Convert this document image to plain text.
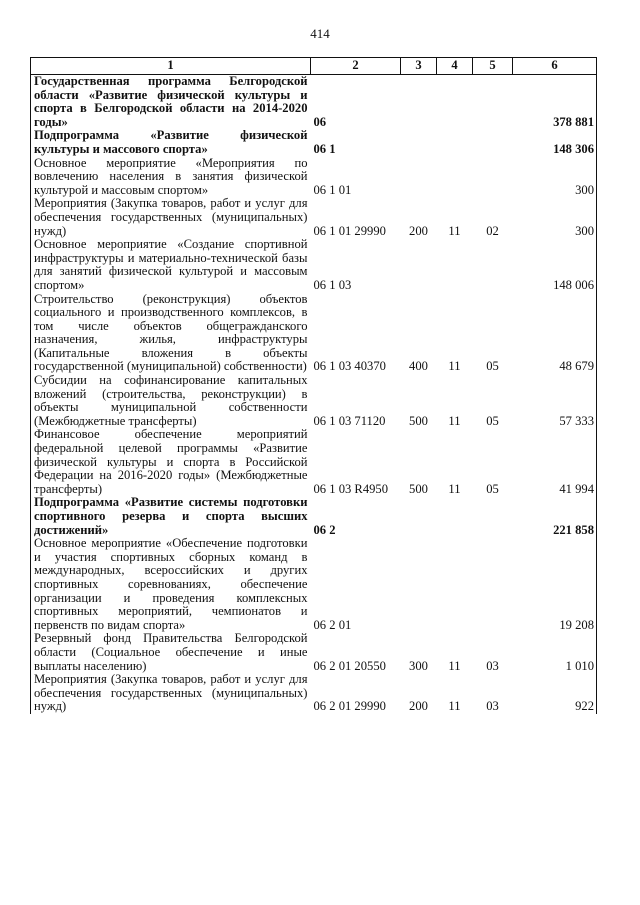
414
1	2	3	4	5	6
Государственная программа Белгородской области «Развитие физической культуры и спорта в Белгородской области на 2014-2020 годы»	06				378 881
Подпрограмма «Развитие физической культуры и массового спорта»	06 1				148 306
Основное мероприятие «Мероприятия по вовлечению населения в занятия физической культурой и массовым спортом»	06 1 01				300
Мероприятия (Закупка товаров, работ и услуг для обеспечения государственных (муниципальных) нужд)	06 1 01 29990	200	11	02	300
Основное мероприятие «Создание спортивной инфраструктуры и материально-технической базы для занятий физической культурой и массовым спортом»	06 1 03				148 006
Строительство (реконструкция) объектов социального и производственного комплексов, в том числе объектов общегражданского назначения, жилья, инфраструктуры (Капитальные вложения в объекты государственной (муниципальной) собственности)	06 1 03 40370	400	11	05	48 679
Субсидии на софинансирование капитальных вложений (строительства, реконструкции) в объекты муниципальной собственности (Межбюджетные трансферты)	06 1 03 71120	500	11	05	57 333
Финансовое обеспечение мероприятий федеральной целевой программы «Развитие физической культуры и спорта в Российской Федерации на 2016-2020 годы» (Межбюджетные трансферты)	06 1 03 R4950	500	11	05	41 994
Подпрограмма «Развитие системы подготовки спортивного резерва и спорта высших достижений»	06 2				221 858
Основное мероприятие «Обеспечение подготовки и участия спортивных сборных команд в международных, всероссийских и других спортивных соревнованиях, обеспечение организации и проведения комплексных спортивных мероприятий, чемпионатов и первенств по видам спорта»	06 2 01				19 208
Резервный фонд Правительства Белгородской области (Социальное обеспечение и иные выплаты населению)	06 2 01 20550	300	11	03	1 010
Мероприятия (Закупка товаров, работ и услуг для обеспечения государственных (муниципальных) нужд)	06 2 01 29990	200	11	03	922
